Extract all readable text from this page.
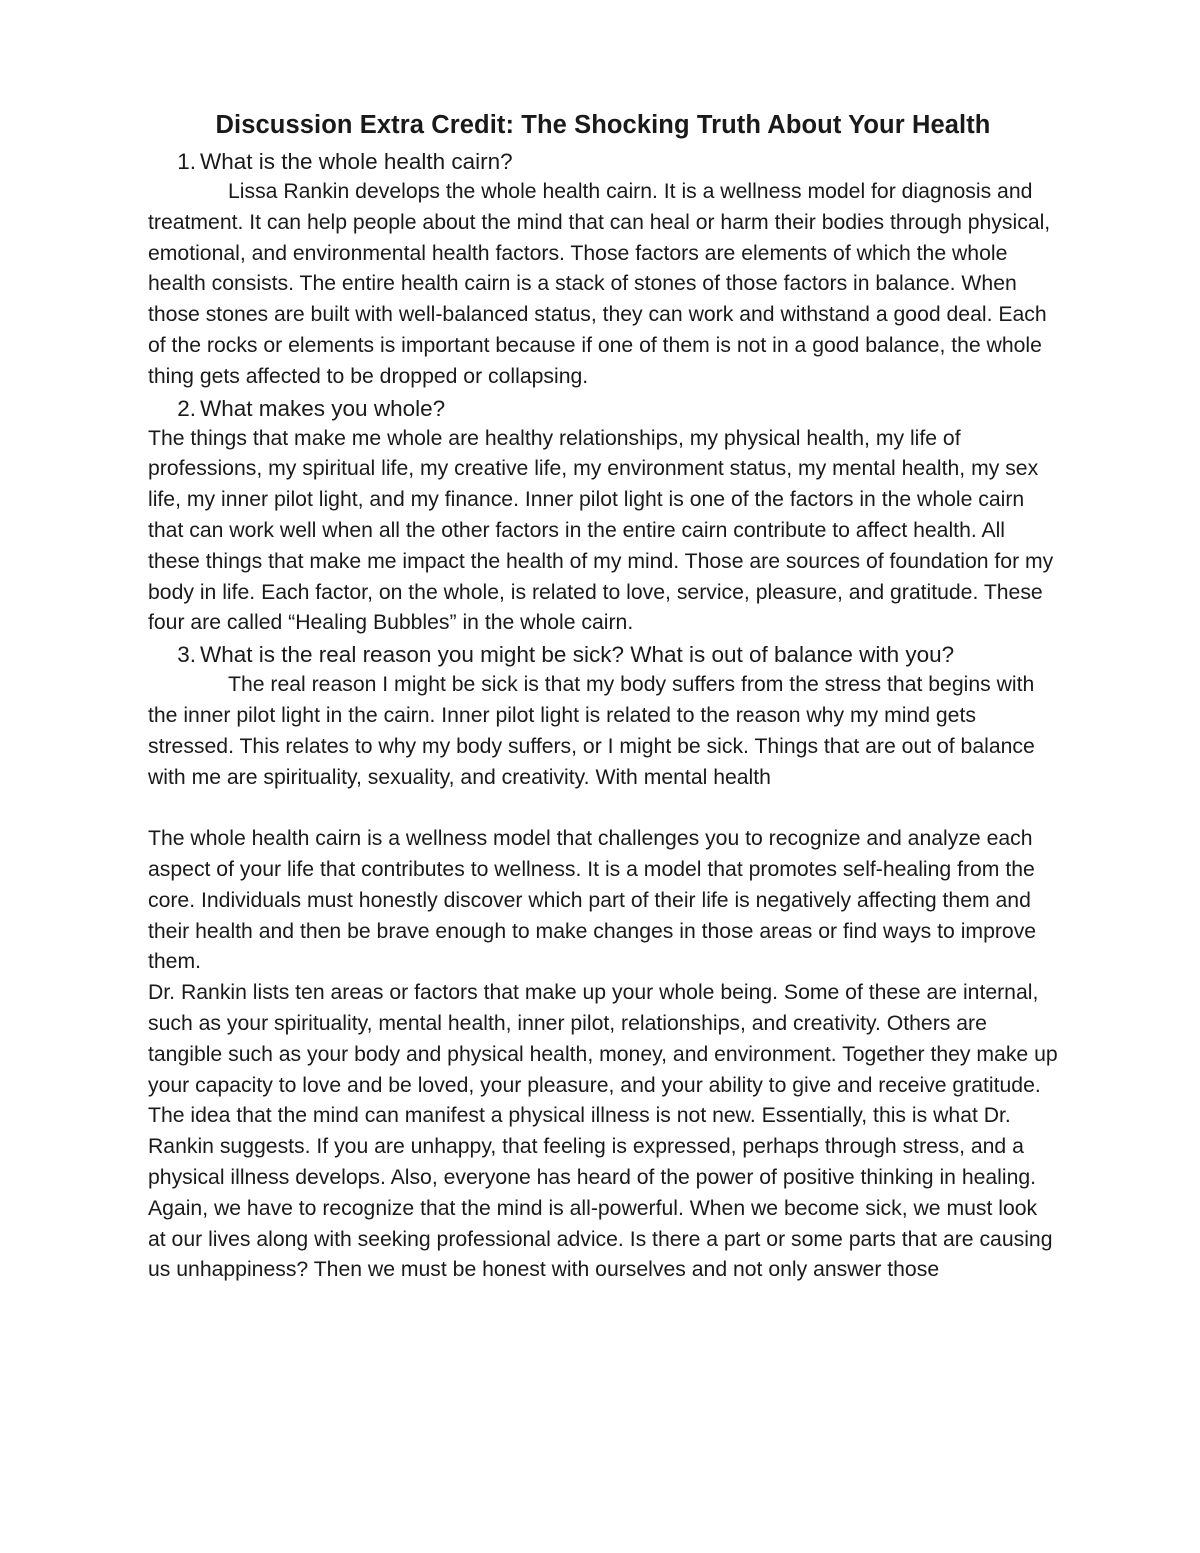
Discussion Extra Credit: The Shocking Truth About Your Health
1. What is the whole health cairn?

Lissa Rankin develops the whole health cairn. It is a wellness model for diagnosis and treatment. It can help people about the mind that can heal or harm their bodies through physical, emotional, and environmental health factors. Those factors are elements of which the whole health consists. The entire health cairn is a stack of stones of those factors in balance. When those stones are built with well-balanced status, they can work and withstand a good deal. Each of the rocks or elements is important because if one of them is not in a good balance, the whole thing gets affected to be dropped or collapsing.

2. What makes you whole?

The things that make me whole are healthy relationships, my physical health, my life of professions, my spiritual life, my creative life, my environment status, my mental health, my sex life, my inner pilot light, and my finance. Inner pilot light is one of the factors in the whole cairn that can work well when all the other factors in the entire cairn contribute to affect health. All these things that make me impact the health of my mind. Those are sources of foundation for my body in life. Each factor, on the whole, is related to love, service, pleasure, and gratitude. These four are called “Healing Bubbles” in the whole cairn.

3. What is the real reason you might be sick? What is out of balance with you?

The real reason I might be sick is that my body suffers from the stress that begins with the inner pilot light in the cairn. Inner pilot light is related to the reason why my mind gets stressed. This relates to why my body suffers, or I might be sick. Things that are out of balance with me are spirituality, sexuality, and creativity. With mental health

The whole health cairn is a wellness model that challenges you to recognize and analyze each aspect of your life that contributes to wellness. It is a model that promotes self-healing from the core. Individuals must honestly discover which part of their life is negatively affecting them and their health and then be brave enough to make changes in those areas or find ways to improve them.

Dr. Rankin lists ten areas or factors that make up your whole being. Some of these are internal, such as your spirituality, mental health, inner pilot, relationships, and creativity. Others are tangible such as your body and physical health, money, and environment. Together they make up your capacity to love and be loved, your pleasure, and your ability to give and receive gratitude.

The idea that the mind can manifest a physical illness is not new. Essentially, this is what Dr. Rankin suggests. If you are unhappy, that feeling is expressed, perhaps through stress, and a physical illness develops. Also, everyone has heard of the power of positive thinking in healing. Again, we have to recognize that the mind is all-powerful. When we become sick, we must look at our lives along with seeking professional advice. Is there a part or some parts that are causing us unhappiness? Then we must be honest with ourselves and not only answer those
